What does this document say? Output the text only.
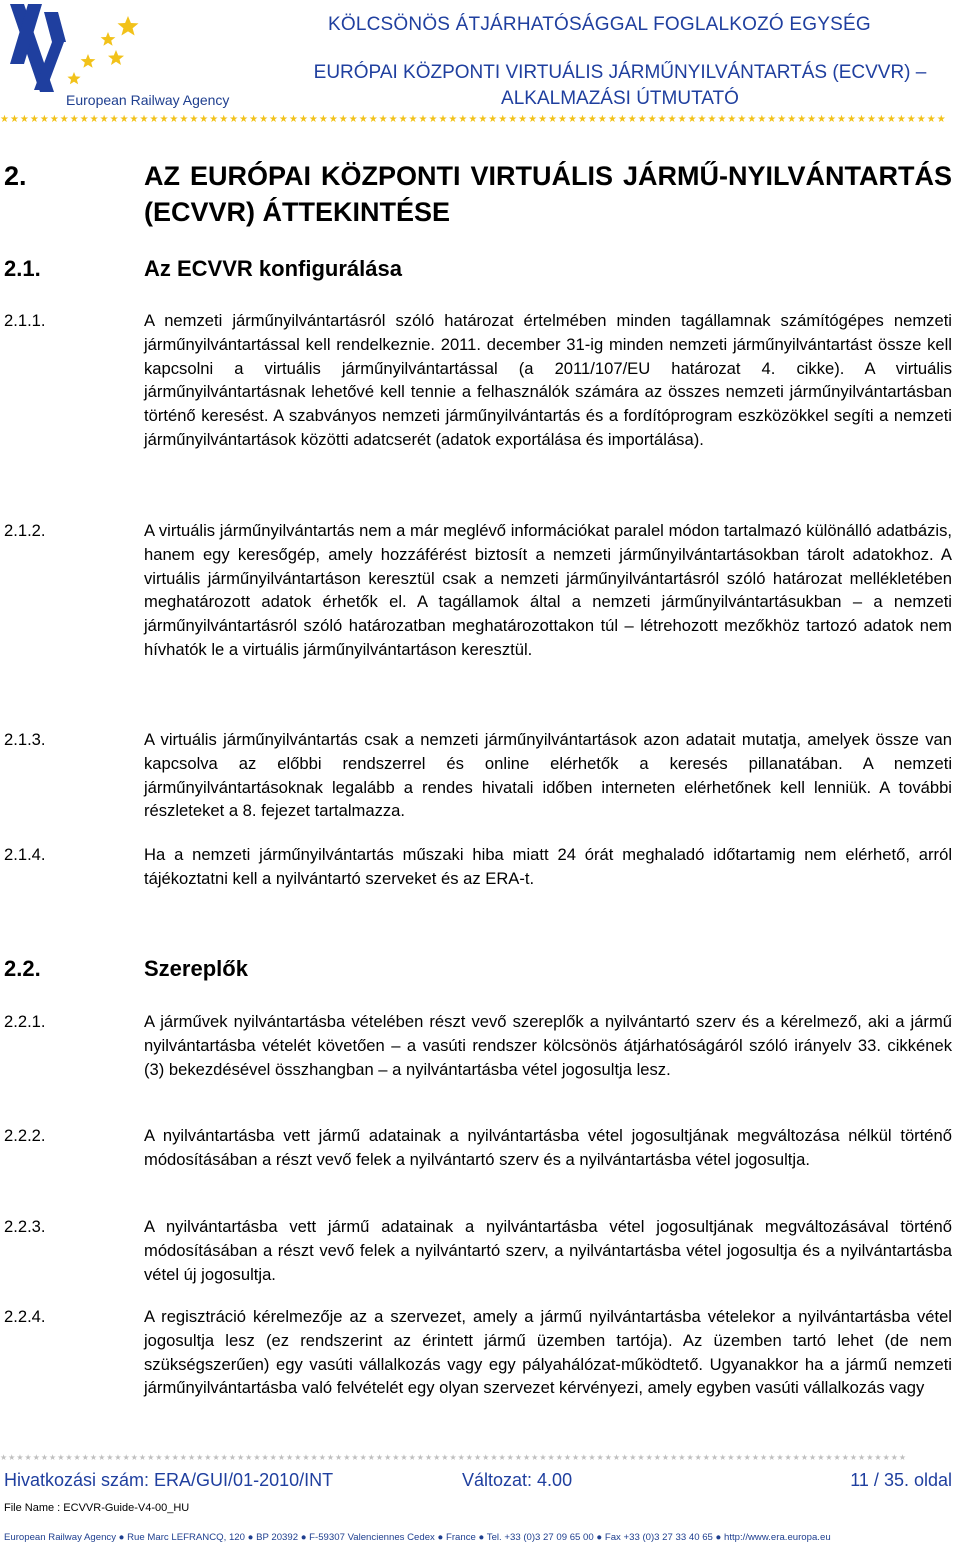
European Railway Agency
KÖLCSÖNÖS ÁTJÁRHATÓSÁGGAL FOGLALKOZÓ EGYSÉG
EURÓPAI KÖZPONTI VIRTUÁLIS JÁRMŰNYILVÁNTARTÁS (ECVVR) – ALKALMAZÁSI ÚTMUTATÓ
★★★★★★★★★★★★★★★★★★★★★★★★★★★★★★★★★★★★★★★★★★★★★★★★★★★★★★★★★★★★★★★★★★★★★★★★★★★★★★★★★★★★★★★★★★★★★★★
2.	AZ EURÓPAI KÖZPONTI VIRTUÁLIS JÁRMŰ-NYILVÁNTARTÁS (ECVVR) ÁTTEKINTÉSE
2.1.	Az ECVVR konfigurálása
2.1.1.	A nemzeti járműnyilvántartásról szóló határozat értelmében minden tagállamnak számítógépes nemzeti járműnyilvántartással kell rendelkeznie. 2011. december 31-ig minden nemzeti járműnyilvántartást össze kell kapcsolni a virtuális járműnyilvántartással (a 2011/107/EU határozat 4. cikke). A virtuális járműnyilvántartásnak lehetővé kell tennie a felhasználók számára az összes nemzeti járműnyilvántartásban történő keresést. A szabványos nemzeti járműnyilvántartás és a fordítóprogram eszközökkel segíti a nemzeti járműnyilvántartások közötti adatcserét (adatok exportálása és importálása).
2.1.2.	A virtuális járműnyilvántartás nem a már meglévő információkat paralel módon tartalmazó különálló adatbázis, hanem egy keresőgép, amely hozzáférést biztosít a nemzeti járműnyilvántartásokban tárolt adatokhoz. A virtuális járműnyilvántartáson keresztül csak a nemzeti járműnyilvántartásról szóló határozat mellékletében meghatározott adatok érhetők el. A tagállamok által a nemzeti járműnyilvántartásukban – a nemzeti járműnyilvántartásról szóló határozatban meghatározottakon túl – létrehozott mezőkhöz tartozó adatok nem hívhatók le a virtuális járműnyilvántartáson keresztül.
2.1.3.	A virtuális járműnyilvántartás csak a nemzeti járműnyilvántartások azon adatait mutatja, amelyek össze van kapcsolva az előbbi rendszerrel és online elérhetők a keresés pillanatában. A nemzeti járműnyilvántartásoknak legalább a rendes hivatali időben interneten elérhetőnek kell lenniük. A további részleteket a 8. fejezet tartalmazza.
2.1.4.	Ha a nemzeti járműnyilvántartás műszaki hiba miatt 24 órát meghaladó időtartamig nem elérhető, arról tájékoztatni kell a nyilvántartó szerveket és az ERA-t.
2.2.	Szereplők
2.2.1.	A járművek nyilvántartásba vételében részt vevő szereplők a nyilvántartó szerv és a kérelmező, aki a jármű nyilvántartásba vételét követően – a vasúti rendszer kölcsönös átjárhatóságáról szóló irányelv 33. cikkének (3) bekezdésével összhangban – a nyilvántartásba vétel jogosultja lesz.
2.2.2.	A nyilvántartásba vett jármű adatainak a nyilvántartásba vétel jogosultjának megváltozása nélkül történő módosításában a részt vevő felek a nyilvántartó szerv és a nyilvántartásba vétel jogosultja.
2.2.3.	A nyilvántartásba vett jármű adatainak a nyilvántartásba vétel jogosultjának megváltozásával történő módosításában a részt vevő felek a nyilvántartó szerv, a nyilvántartásba vétel jogosultja és a nyilvántartásba vétel új jogosultja.
2.2.4.	A regisztráció kérelmezője az a szervezet, amely a jármű nyilvántartásba vételekor a nyilvántartásba vétel jogosultja lesz (ez rendszerint az érintett jármű üzemben tartója). Az üzemben tartó lehet (de nem szükségszerűen) egy vasúti vállalkozás vagy egy pályahálózat-működtető. Ugyanakkor ha a jármű nemzeti járműnyilvántartásba való felvételét egy olyan szervezet kérvényezi, amely egyben vasúti vállalkozás vagy
★★★★★★★★★★★★★★★★★★★★★★★★★★★★★★★★★★★★★★★★★★★★★★★★★★★★★★★★★★★★★★★★★★★★★★★★★★★★★★★★★★★★★★★★★★★★★★★★★★★★★★★★★★★★★★★
Hivatkozási szám: ERA/GUI/01-2010/INT	Változat: 4.00	11 / 35. oldal
File Name : ECVVR-Guide-V4-00_HU
European Railway Agency ● Rue Marc LEFRANCQ, 120 ● BP 20392 ● F-59307 Valenciennes Cedex ● France ● Tel. +33 (0)3 27 09 65 00 ● Fax +33 (0)3 27 33 40 65 ● http://www.era.europa.eu
